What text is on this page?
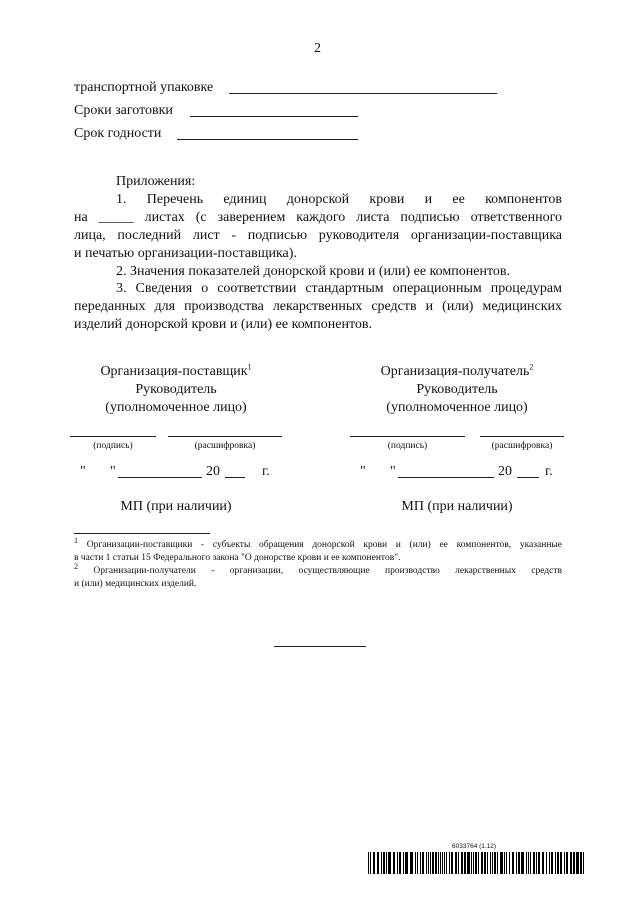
2
транспортной упаковке
Сроки заготовки
Срок годности
Приложения:
1. Перечень единиц донорской крови и ее компонентов
на _____ листах (с заверением каждого листа подписью ответственного
лица, последний лист - подписью руководителя организации-поставщика
и печатью организации-поставщика).
2. Значения показателей донорской крови и (или) ее компонентов.
3. Сведения о соответствии стандартным операционным процедурам
переданных для производства лекарственных средств и (или) медицинских
изделий донорской крови и (или) ее компонентов.
Организация-поставщик$^1$
Руководитель
(уполномоченное лицо)
(подпись)	(расшифровка)
" "	20	г.
МП (при наличии)
Организация-получатель$^2$
Руководитель
(уполномоченное лицо)
(подпись)	(расшифровка)
" "	20 г.
МП (при наличии)
$^1$ Организации-поставщики - субъекты обращения донорской крови и (или) ее компонентов, указанные
в части 1 статьи 15 Федерального закона "О донорстве крови и ее компонентов".
$^2$ Организации-получатели - организации, осуществляющие производство лекарственных средств
и (или) медицинских изделий.
6033764 (1.12)
